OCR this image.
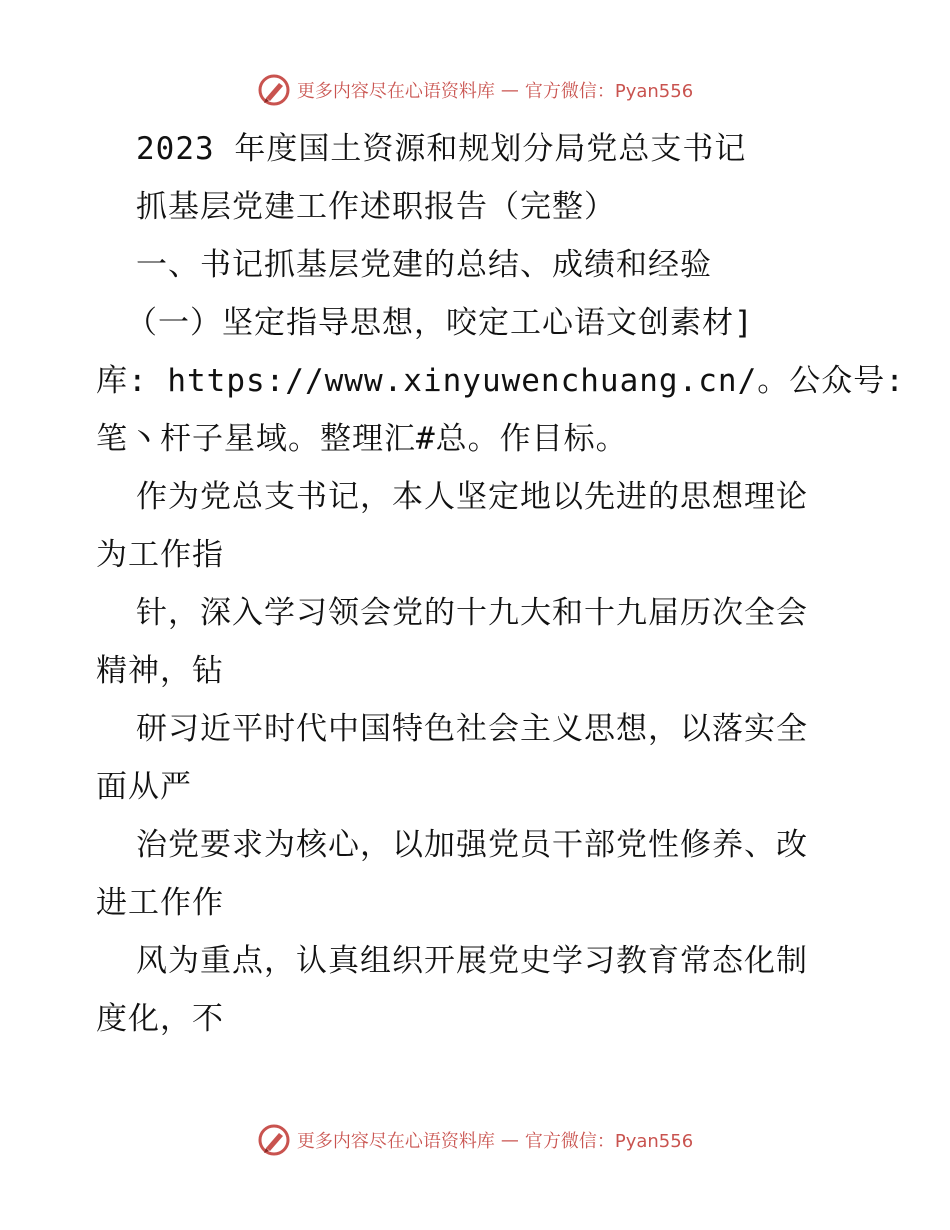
更多内容尽在心语资料库 — 官方微信：Pyan556
2023 年度国土资源和规划分局党总支书记
抓基层党建工作述职报告（完整）
一、书记抓基层党建的总结、成绩和经验
（一）坚定指导思想，咬定工心语文创素材]
库: https://www.xinyuwenchuang.cn/。公众号:
笔丶杆子星域。整理汇#总。作目标。
作为党总支书记，本人坚定地以先进的思想理论
为工作指
针，深入学习领会党的十九大和十九届历次全会
精神，钻
研习近平时代中国特色社会主义思想，以落实全
面从严
治党要求为核心，以加强党员干部党性修养、改
进工作作
风为重点，认真组织开展党史学习教育常态化制
度化，不
更多内容尽在心语资料库 — 官方微信：Pyan556
